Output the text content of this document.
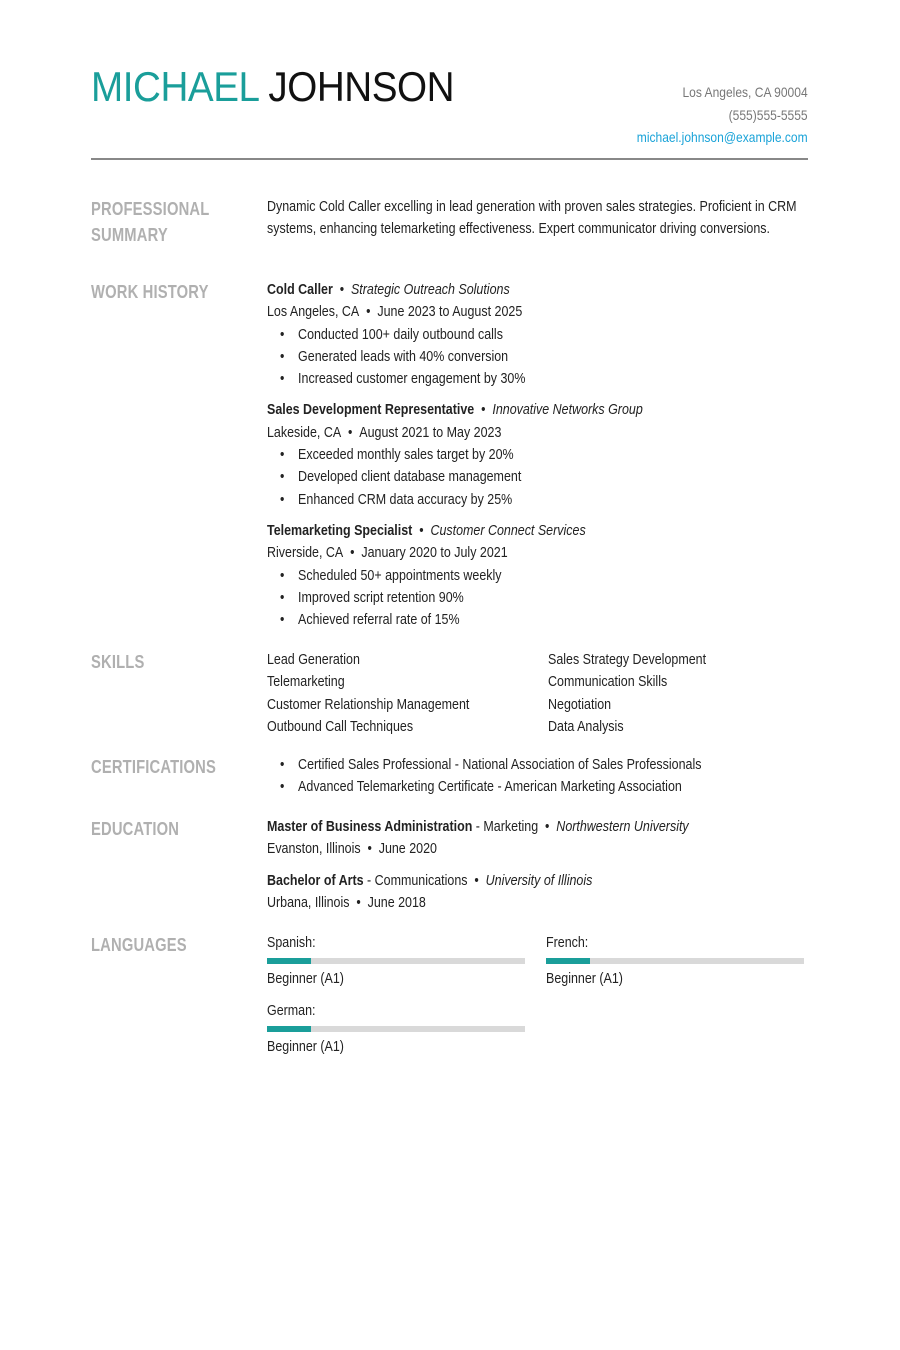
MICHAEL JOHNSON	Los Angeles, CA 90004
(555)555-5555
michael.johnson@example.com
PROFESSIONAL
SUMMARY
Dynamic Cold Caller excelling in lead generation with proven sales strategies. Proficient in CRM systems, enhancing telemarketing effectiveness. Expert communicator driving conversions.
WORK HISTORY	Cold Caller • Strategic Outreach Solutions
Los Angeles, CA • June 2023 to August 2025
• Conducted 100+ daily outbound calls
• Generated leads with 40% conversion
• Increased customer engagement by 30%
Sales Development Representative • Innovative Networks Group
Lakeside, CA • August 2021 to May 2023
• Exceeded monthly sales target by 20%
• Developed client database management
• Enhanced CRM data accuracy by 25%
Telemarketing Specialist • Customer Connect Services
Riverside, CA • January 2020 to July 2021
• Scheduled 50+ appointments weekly
• Improved script retention 90%
• Achieved referral rate of 15%
SKILLS	Lead Generation	Sales Strategy Development
Telemarketing	Communication Skills
Customer Relationship Management	Negotiation
Outbound Call Techniques	Data Analysis
CERTIFICATIONS	• Certified Sales Professional - National Association of Sales Professionals
• Advanced Telemarketing Certificate - American Marketing Association
EDUCATION	Master of Business Administration - Marketing • Northwestern University
Evanston, Illinois • June 2020
Bachelor of Arts - Communications • University of Illinois
Urbana, Illinois • June 2018
LANGUAGES	Spanish:
Beginner (A1)
French:
Beginner (A1)
German:
Beginner (A1)
